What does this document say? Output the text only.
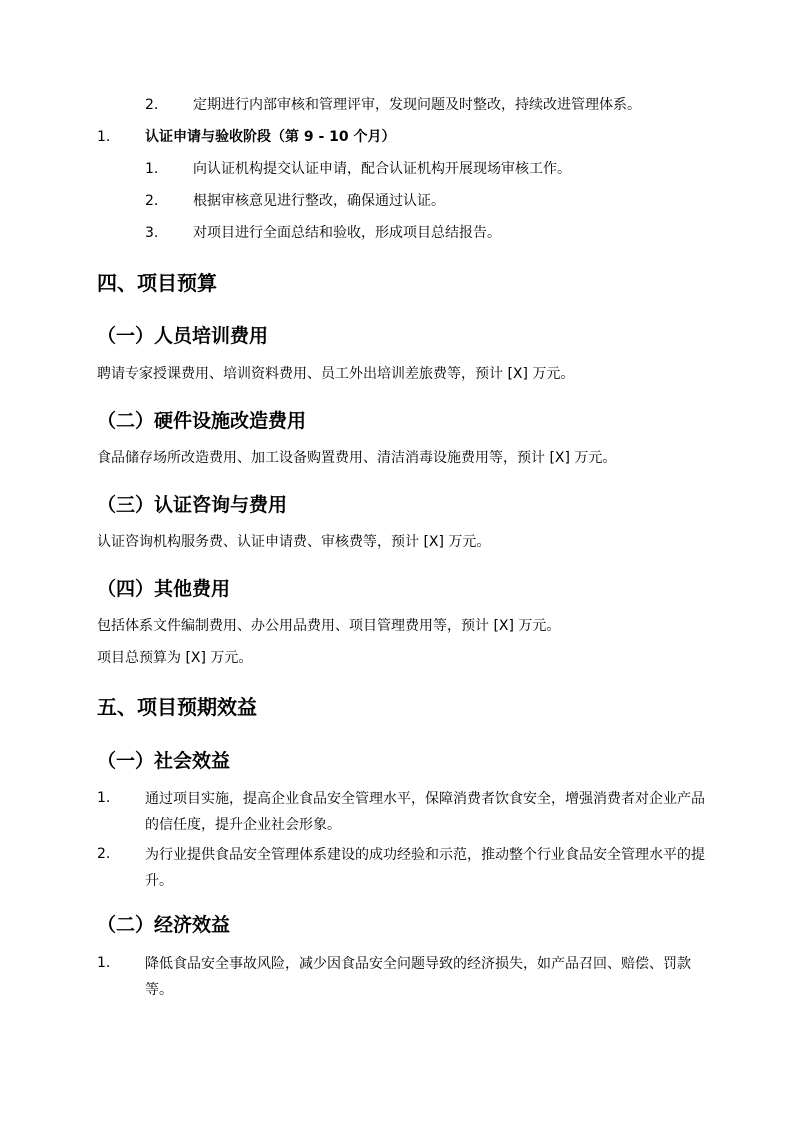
2. 定期进行内部审核和管理评审，发现问题及时整改，持续改进管理体系。
1. 认证申请与验收阶段（第 9 - 10 个月）
1. 向认证机构提交认证申请，配合认证机构开展现场审核工作。
2. 根据审核意见进行整改，确保通过认证。
3. 对项目进行全面总结和验收，形成项目总结报告。
四、项目预算
（一）人员培训费用
聘请专家授课费用、培训资料费用、员工外出培训差旅费等，预计 [X] 万元。
（二）硬件设施改造费用
食品储存场所改造费用、加工设备购置费用、清洁消毒设施费用等，预计 [X] 万元。
（三）认证咨询与费用
认证咨询机构服务费、认证申请费、审核费等，预计 [X] 万元。
（四）其他费用
包括体系文件编制费用、办公用品费用、项目管理费用等，预计 [X] 万元。
项目总预算为 [X] 万元。
五、项目预期效益
（一）社会效益
1. 通过项目实施，提高企业食品安全管理水平，保障消费者饮食安全，增强消费者对企业产品的信任度，提升企业社会形象。
2. 为行业提供食品安全管理体系建设的成功经验和示范，推动整个行业食品安全管理水平的提升。
（二）经济效益
1. 降低食品安全事故风险，减少因食品安全问题导致的经济损失，如产品召回、赔偿、罚款等。
